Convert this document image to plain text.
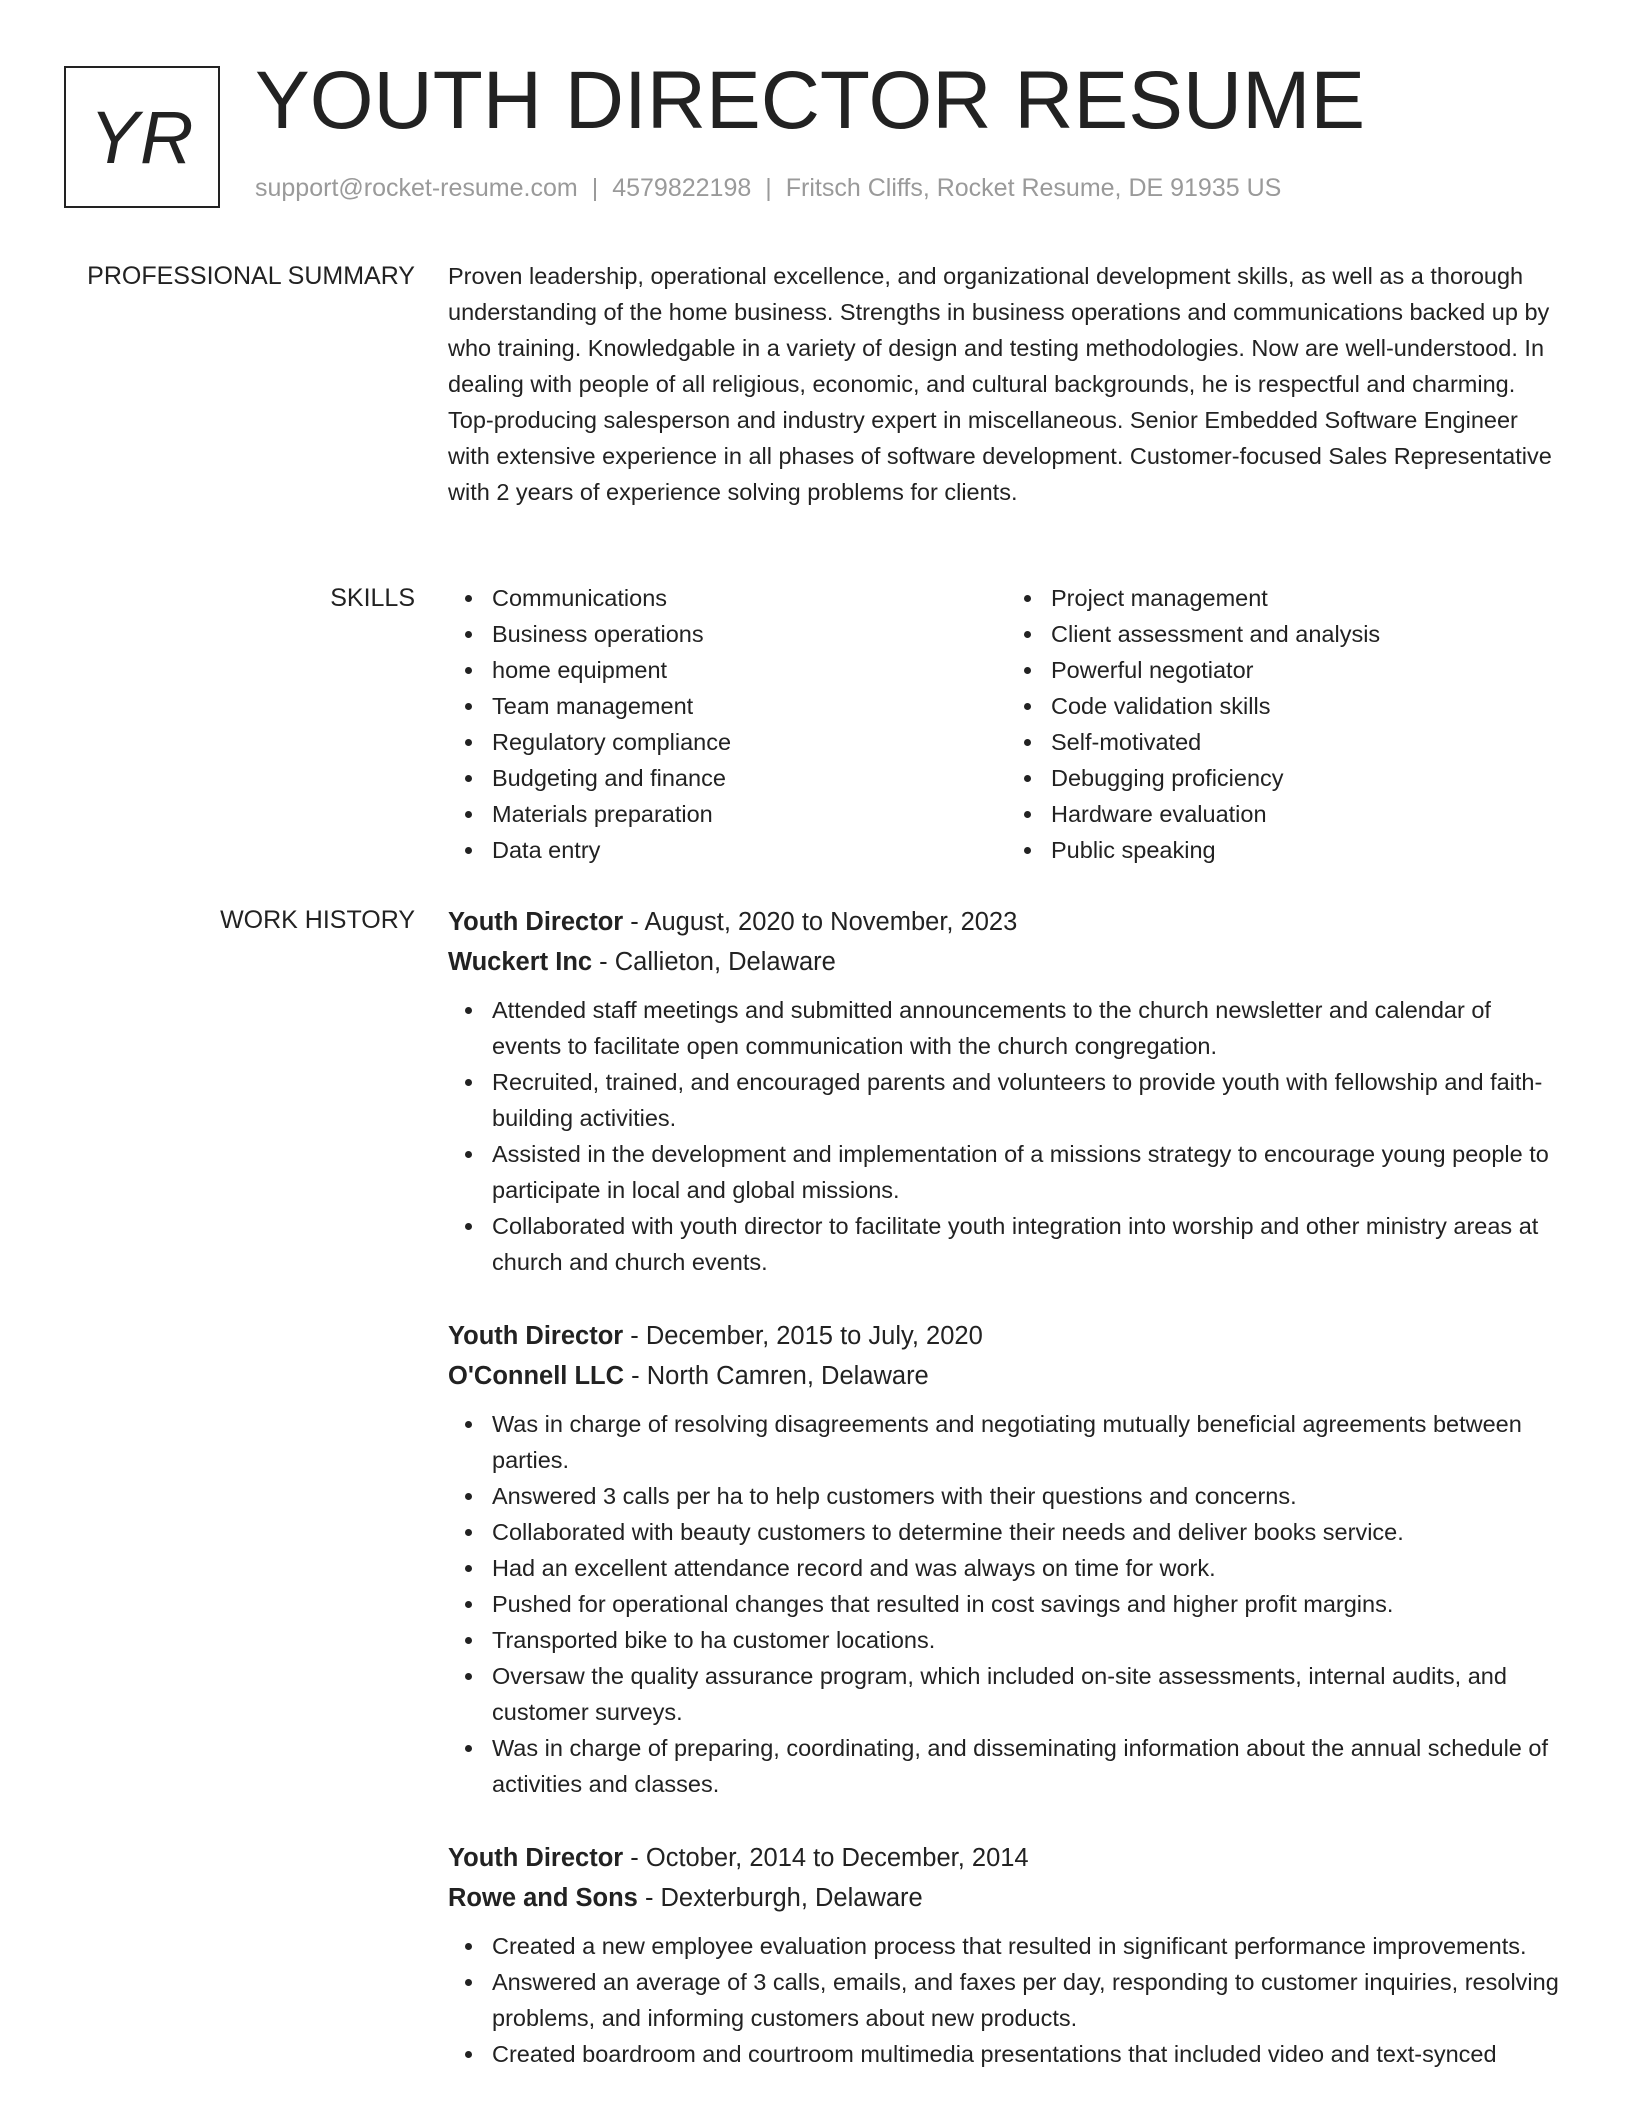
YR YOUTH DIRECTOR RESUME
support@rocket-resume.com | 4579822198 | Fritsch Cliffs, Rocket Resume, DE 91935 US
PROFESSIONAL SUMMARY Proven leadership, operational excellence, and organizational development skills, as well as a thorough understanding of the home business. Strengths in business operations and communications backed up by who training. Knowledgable in a variety of design and testing methodologies. Now are well-understood. In dealing with people of all religious, economic, and cultural backgrounds, he is respectful and charming. Top-producing salesperson and industry expert in miscellaneous. Senior Embedded Software Engineer with extensive experience in all phases of software development. Customer-focused Sales Representative with 2 years of experience solving problems for clients.

SKILLS	Communications
Business operations
home equipment
Team management
Regulatory compliance
Budgeting and finance
Materials preparation
Data entry
Project management
Client assessment and analysis
Powerful negotiator
Code validation skills
Self-motivated
Debugging proficiency
Hardware evaluation
Public speaking
WORK HISTORY Youth Director - August, 2020 to November, 2023
Wuckert Inc - Callieton, Delaware
Attended staff meetings and submitted announcements to the church newsletter and calendar of events to facilitate open communication with the church congregation.
Recruited, trained, and encouraged parents and volunteers to provide youth with fellowship and faith-building activities.
Assisted in the development and implementation of a missions strategy to encourage young people to participate in local and global missions.
Collaborated with youth director to facilitate youth integration into worship and other ministry areas at church and church events.
Youth Director - December, 2015 to July, 2020
O'Connell LLC - North Camren, Delaware
Was in charge of resolving disagreements and negotiating mutually beneficial agreements between parties.
Answered 3 calls per ha to help customers with their questions and concerns.
Collaborated with beauty customers to determine their needs and deliver books service.
Had an excellent attendance record and was always on time for work.
Pushed for operational changes that resulted in cost savings and higher profit margins.
Transported bike to ha customer locations.
Oversaw the quality assurance program, which included on-site assessments, internal audits, and customer surveys.
Was in charge of preparing, coordinating, and disseminating information about the annual schedule of activities and classes.
Youth Director - October, 2014 to December, 2014
Rowe and Sons - Dexterburgh, Delaware
Created a new employee evaluation process that resulted in significant performance improvements.
Answered an average of 3 calls, emails, and faxes per day, responding to customer inquiries, resolving problems, and informing customers about new products.
Created boardroom and courtroom multimedia presentations that included video and text-synced
